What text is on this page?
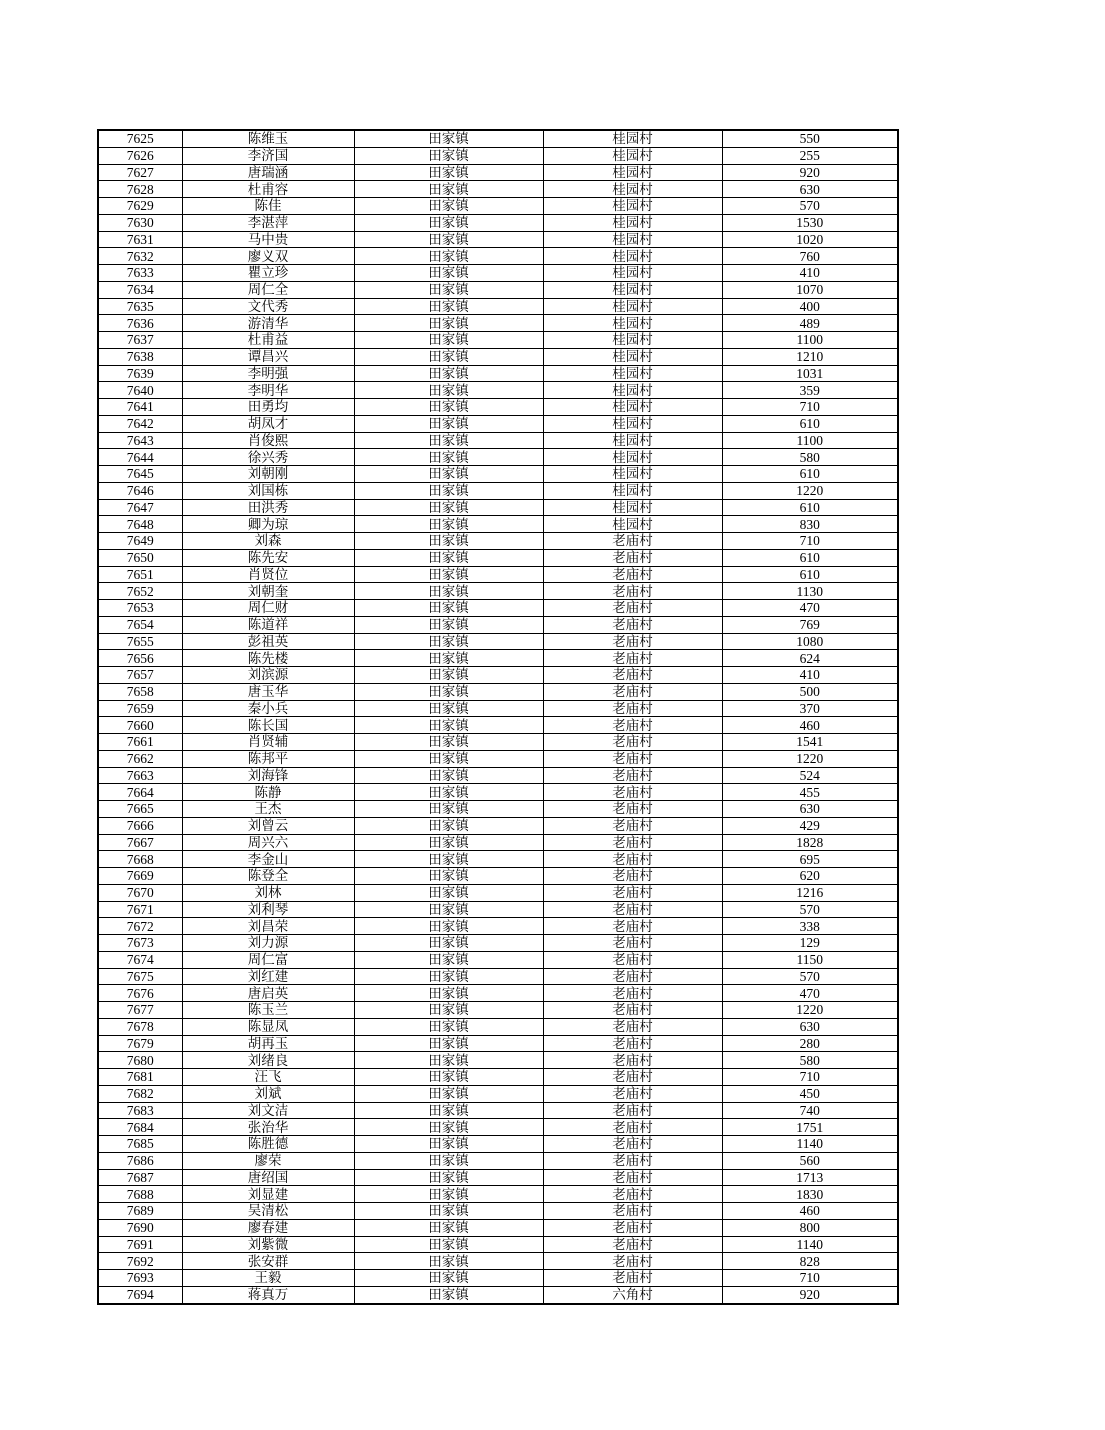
7625	陈维玉	田家镇	桂园村	550
7626	李济国	田家镇	桂园村	255
7627	唐瑞涵	田家镇	桂园村	920
7628	杜甫容	田家镇	桂园村	630
7629	陈佳	田家镇	桂园村	570
7630	李湛萍	田家镇	桂园村	1530
7631	马中贵	田家镇	桂园村	1020
7632	廖义双	田家镇	桂园村	760
7633	瞿立珍	田家镇	桂园村	410
7634	周仁全	田家镇	桂园村	1070
7635	文代秀	田家镇	桂园村	400
7636	游清华	田家镇	桂园村	489
7637	杜甫益	田家镇	桂园村	1100
7638	谭昌兴	田家镇	桂园村	1210
7639	李明强	田家镇	桂园村	1031
7640	李明华	田家镇	桂园村	359
7641	田勇均	田家镇	桂园村	710
7642	胡凤才	田家镇	桂园村	610
7643	肖俊熙	田家镇	桂园村	1100
7644	徐兴秀	田家镇	桂园村	580
7645	刘朝刚	田家镇	桂园村	610
7646	刘国栋	田家镇	桂园村	1220
7647	田洪秀	田家镇	桂园村	610
7648	卿为琼	田家镇	桂园村	830
7649	刘森	田家镇	老庙村	710
7650	陈先安	田家镇	老庙村	610
7651	肖贤位	田家镇	老庙村	610
7652	刘朝奎	田家镇	老庙村	1130
7653	周仁财	田家镇	老庙村	470
7654	陈道祥	田家镇	老庙村	769
7655	彭祖英	田家镇	老庙村	1080
7656	陈先楼	田家镇	老庙村	624
7657	刘滨源	田家镇	老庙村	410
7658	唐玉华	田家镇	老庙村	500
7659	秦小兵	田家镇	老庙村	370
7660	陈长国	田家镇	老庙村	460
7661	肖贤辅	田家镇	老庙村	1541
7662	陈邦平	田家镇	老庙村	1220
7663	刘海锋	田家镇	老庙村	524
7664	陈静	田家镇	老庙村	455
7665	王杰	田家镇	老庙村	630
7666	刘曾云	田家镇	老庙村	429
7667	周兴六	田家镇	老庙村	1828
7668	李金山	田家镇	老庙村	695
7669	陈登全	田家镇	老庙村	620
7670	刘林	田家镇	老庙村	1216
7671	刘利琴	田家镇	老庙村	570
7672	刘昌荣	田家镇	老庙村	338
7673	刘力源	田家镇	老庙村	129
7674	周仁富	田家镇	老庙村	1150
7675	刘红建	田家镇	老庙村	570
7676	唐启英	田家镇	老庙村	470
7677	陈玉兰	田家镇	老庙村	1220
7678	陈显凤	田家镇	老庙村	630
7679	胡再玉	田家镇	老庙村	280
7680	刘绪良	田家镇	老庙村	580
7681	汪飞	田家镇	老庙村	710
7682	刘斌	田家镇	老庙村	450
7683	刘文洁	田家镇	老庙村	740
7684	张治华	田家镇	老庙村	1751
7685	陈胜德	田家镇	老庙村	1140
7686	廖荣	田家镇	老庙村	560
7687	唐绍国	田家镇	老庙村	1713
7688	刘显建	田家镇	老庙村	1830
7689	吴清松	田家镇	老庙村	460
7690	廖春建	田家镇	老庙村	800
7691	刘紫微	田家镇	老庙村	1140
7692	张安群	田家镇	老庙村	828
7693	王毅	田家镇	老庙村	710
7694	蒋真万	田家镇	六角村	920
